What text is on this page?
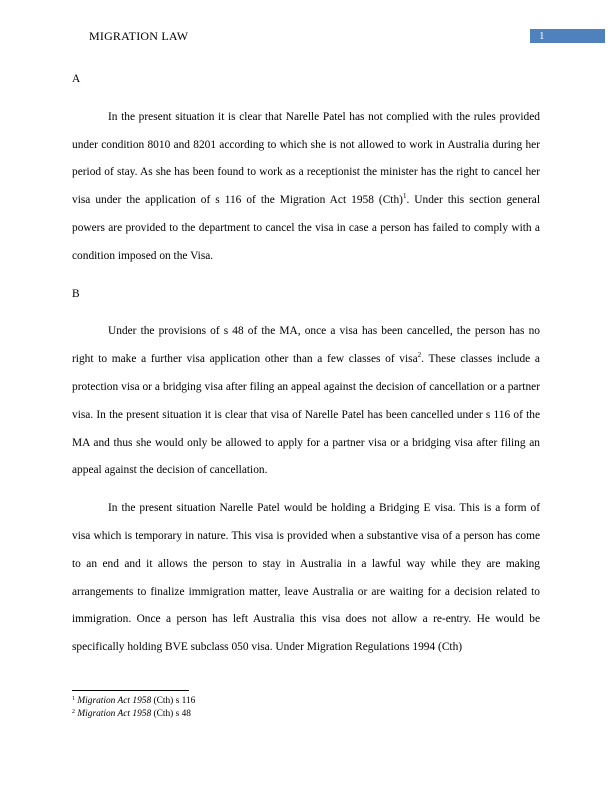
MIGRATION LAW	1

A

In the present situation it is clear that Narelle Patel has not complied with the rules provided under condition 8010 and 8201 according to which she is not allowed to work in Australia during her period of stay. As she has been found to work as a receptionist the minister has the right to cancel her visa under the application of s 116 of the Migration Act 1958 (Cth)$^1$. Under this section general powers are provided to the department to cancel the visa in case a person has failed to comply with a condition imposed on the Visa.

B

Under the provisions of s 48 of the MA, once a visa has been cancelled, the person has no right to make a further visa application other than a few classes of visa$^2$. These classes include a protection visa or a bridging visa after filing an appeal against the decision of cancellation or a partner visa. In the present situation it is clear that visa of Narelle Patel has been cancelled under s 116 of the MA and thus she would only be allowed to apply for a partner visa or a bridging visa after filing an appeal against the decision of cancellation.

In the present situation Narelle Patel would be holding a Bridging E visa. This is a form of visa which is temporary in nature. This visa is provided when a substantive visa of a person has come to an end and it allows the person to stay in Australia in a lawful way while they are making arrangements to finalize immigration matter, leave Australia or are waiting for a decision related to immigration. Once a person has left Australia this visa does not allow a re-entry. He would be specifically holding BVE subclass 050 visa. Under Migration Regulations 1994 (Cth)

$^1$ Migration Act 1958 (Cth) s 116
$^2$ Migration Act 1958 (Cth) s 48
